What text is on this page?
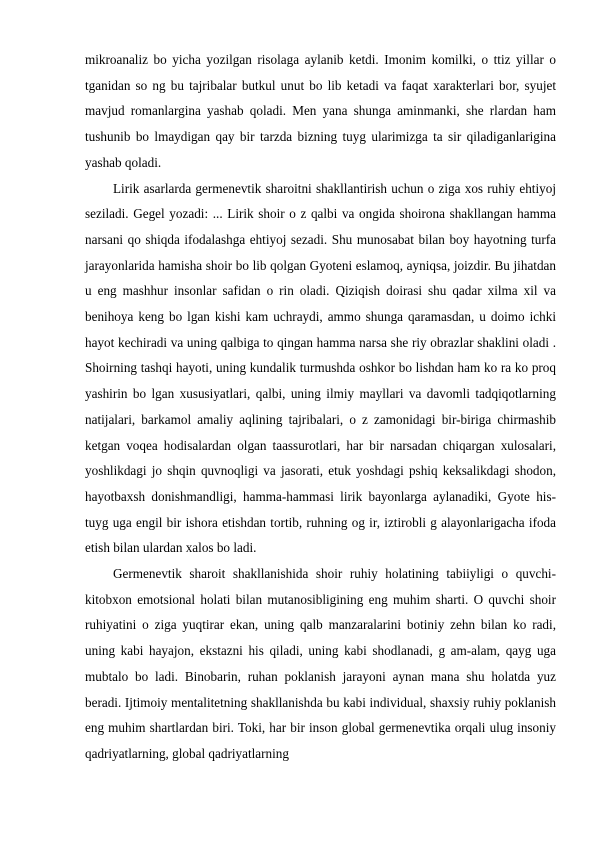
mikroanaliz bo yicha yozilgan risolaga aylanib ketdi. Imonim komilki, o ttiz yillar o tganidan so ng bu tajribalar butkul unut bo lib ketadi va faqat xarakterlari bor, syujet mavjud romanlargina yashab qoladi. Men yana shunga aminmanki, she rlardan ham tushunib bo lmaydigan qay bir tarzda bizning tuyg ularimizga ta sir qiladiganlarigina yashab qoladi.

Lirik asarlarda germenevtik sharoitni shakllantirish uchun o ziga xos ruhiy ehtiyoj seziladi. Gegel yozadi: ... Lirik shoir o z qalbi va ongida shoirona shakllangan hamma narsani qo shiqda ifodalashga ehtiyoj sezadi. Shu munosabat bilan boy hayotning turfa jarayonlarida hamisha shoir bo lib qolgan Gyoteni eslamoq, ayniqsa, joizdir. Bu jihatdan u eng mashhur insonlar safidan o rin oladi. Qiziqish doirasi shu qadar xilma xil va benihoya keng bo lgan kishi kam uchraydi, ammo shunga qaramasdan, u doimo ichki hayot kechiradi va uning qalbiga to qingan hamma narsa she riy obrazlar shaklini oladi . Shoirning tashqi hayoti, uning kundalik turmushda oshkor bo lishdan ham ko ra ko proq yashirin bo lgan xususiyatlari, qalbi, uning ilmiy mayllari va davomli tadqiqotlarning natijalari, barkamol amaliy aqlining tajribalari, o z zamonidagi bir-biriga chirmashib ketgan voqea hodisalardan olgan taassurotlari, har bir narsadan chiqargan xulosalari, yoshlikdagi jo shqin quvnoqligi va jasorati, etuk yoshdagi pshiq keksalikdagi shodon, hayotbaxsh donishmandligi, hamma-hammasi lirik bayonlarga aylanadiki, Gyote his-tuyg uga engil bir ishora etishdan tortib, ruhning og ir, iztirobli g alayonlarigacha ifoda etish bilan ulardan xalos bo ladi.

Germenevtik sharoit shakllanishida shoir ruhiy holatining tabiiyligi o quvchi-kitobxon emotsional holati bilan mutanosibligining eng muhim sharti. O quvchi shoir ruhiyatini o ziga yuqtirar ekan, uning qalb manzaralarini botiniy zehn bilan ko radi, uning kabi hayajon, ekstazni his qiladi, uning kabi shodlanadi, g am-alam, qayg uga mubtalo bo ladi. Binobarin, ruhan poklanish jarayoni aynan mana shu holatda yuz beradi. Ijtimoiy mentalitetning shakllanishda bu kabi individual, shaxsiy ruhiy poklanish eng muhim shartlardan biri. Toki, har bir inson global germenevtika orqali ulug insoniy qadriyatlarning, global qadriyatlarning
